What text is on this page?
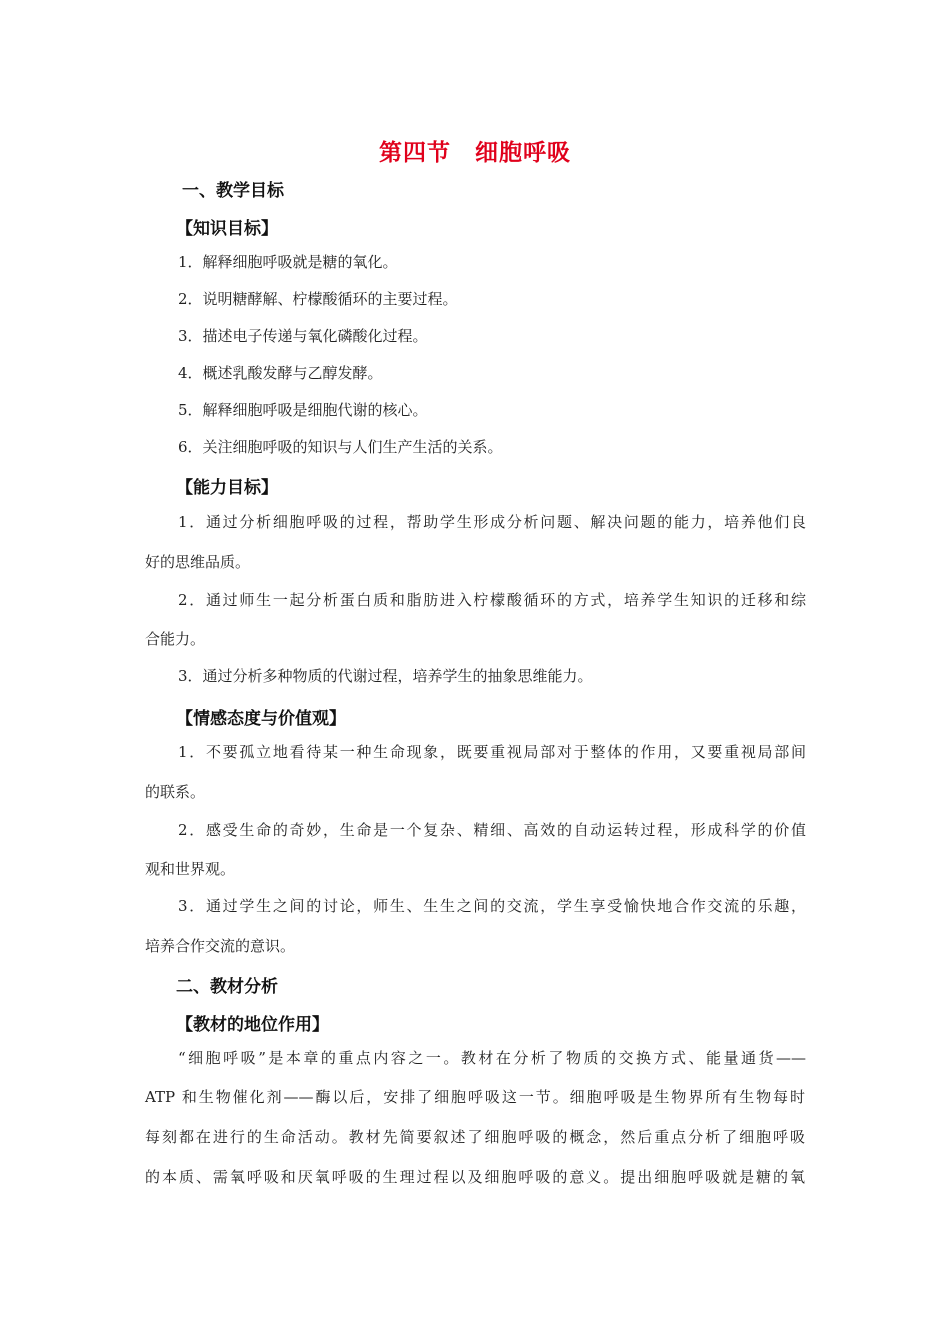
第四节　细胞呼吸
一、教学目标
【知识目标】
1．解释细胞呼吸就是糖的氧化。
2．说明糖酵解、柠檬酸循环的主要过程。
3．描述电子传递与氧化磷酸化过程。
4．概述乳酸发酵与乙醇发酵。
5．解释细胞呼吸是细胞代谢的核心。
6．关注细胞呼吸的知识与人们生产生活的关系。
【能力目标】
1．通过分析细胞呼吸的过程，帮助学生形成分析问题、解决问题的能力，培养他们良
好的思维品质。
2．通过师生一起分析蛋白质和脂肪进入柠檬酸循环的方式，培养学生知识的迁移和综
合能力。
3．通过分析多种物质的代谢过程，培养学生的抽象思维能力。
【情感态度与价值观】
1．不要孤立地看待某一种生命现象，既要重视局部对于整体的作用，又要重视局部间
的联系。
2．感受生命的奇妙，生命是一个复杂、精细、高效的自动运转过程，形成科学的价值
观和世界观。
3．通过学生之间的讨论，师生、生生之间的交流，学生享受愉快地合作交流的乐趣，
培养合作交流的意识。
二、教材分析
【教材的地位作用】
“细胞呼吸”是本章的重点内容之一。教材在分析了物质的交换方式、能量通货——
ATP 和生物催化剂——酶以后，安排了细胞呼吸这一节。细胞呼吸是生物界所有生物每时
每刻都在进行的生命活动。教材先简要叙述了细胞呼吸的概念，然后重点分析了细胞呼吸
的本质、需氧呼吸和厌氧呼吸的生理过程以及细胞呼吸的意义。提出细胞呼吸就是糖的氧
